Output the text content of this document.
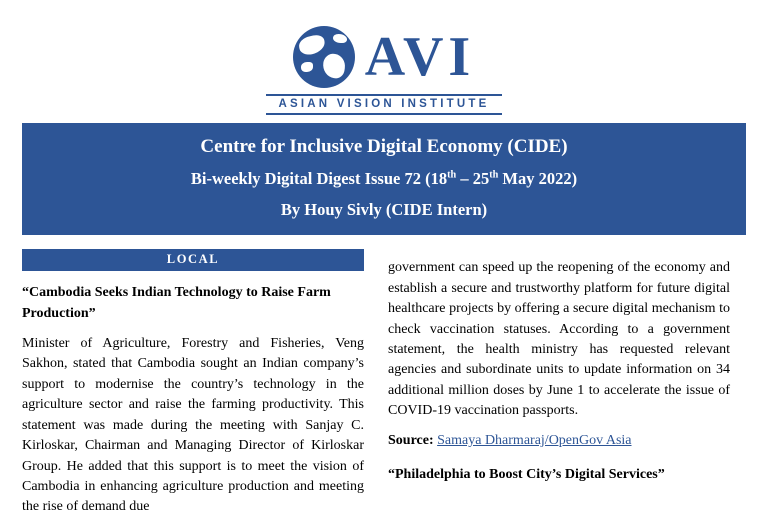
AVI
ASIAN VISION INSTITUTE
Centre for Inclusive Digital Economy (CIDE)
Bi-weekly Digital Digest Issue 72 (18th – 25th May 2022)
By Houy Sivly (CIDE Intern)
LOCAL
“Cambodia Seeks Indian Technology to Raise Farm Production”

Minister of Agriculture, Forestry and Fisheries, Veng Sakhon, stated that Cambodia sought an Indian company’s support to modernise the country’s technology in the agriculture sector and raise the farming productivity. This statement was made during the meeting with Sanjay C. Kirloskar, Chairman and Managing Director of Kirloskar Group. He added that this support is to meet the vision of Cambodia in enhancing agriculture production and meeting the rise of demand due

government can speed up the reopening of the economy and establish a secure and trustworthy platform for future digital healthcare projects by offering a secure digital mechanism to check vaccination statuses. According to a government statement, the health ministry has requested relevant agencies and subordinate units to update information on 34 additional million doses by June 1 to accelerate the issue of COVID-19 vaccination passports.

Source: Samaya Dharmaraj/OpenGov Asia
“Philadelphia to Boost City’s Digital Services”
